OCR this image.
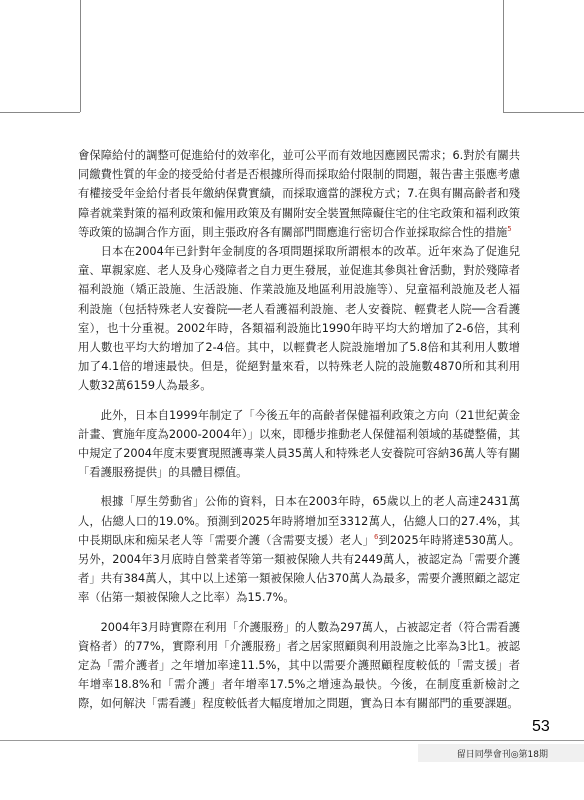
會保障給付的調整可促進給付的效率化，並可公平而有效地因應國民需求；6.對於有關共同繳費性質的年金的接受給付者是否根據所得而採取給付限制的問題，報告書主張應考慮有權接受年金給付者長年繳納保費實績，而採取適當的課稅方式；7.在與有關高齡者和殘障者就業對策的福利政策和僱用政策及有關附安全裝置無障礙住宅的住宅政策和福利政策等政策的協調合作方面，則主張政府各有關部門間應進行密切合作並採取綜合性的措施$^5$

日本在2004年已針對年金制度的各項問題採取所謂根本的改革。近年來為了促進兒童、單親家庭、老人及身心殘障者之自力更生發展，並促進其參與社會活動，對於殘障者福利設施（矯正設施、生活設施、作業設施及地區利用設施等）、兒童福利設施及老人福利設施（包括特殊老人安養院──老人看護福利設施、老人安養院、輕費老人院──含看護室），也十分重視。2002年時，各類福利設施比1990年時平均大約增加了2-6倍，其利用人數也平均大約增加了2-4倍。其中，以輕費老人院設施增加了5.8倍和其利用人數增加了4.1倍的增速最快。但是，從絕對量來看，以特殊老人院的設施數4870所和其利用人數32萬6159人為最多。

此外，日本自1999年制定了「今後五年的高齡者保健福利政策之方向（21世紀黃金計畫、實施年度為2000-2004年）」以來，即穩步推動老人保健福利領域的基礎整備，其中規定了2004年度末要實現照護專業人員35萬人和特殊老人安養院可容納36萬人等有關「看護服務提供」的具體目標值。

根據「厚生勞動省」公佈的資料，日本在2003年時，65歲以上的老人高達2431萬人，佔總人口的19.0%。預測到2025年時將增加至3312萬人，佔總人口的27.4%，其中長期臥床和痴呆老人等「需要介護（含需要支援）老人」$^6$到2025年時將達530萬人。另外，2004年3月底時自營業者等第一類被保險人共有2449萬人，被認定為「需要介護者」共有384萬人，其中以上述第一類被保險人佔370萬人為最多，需要介護照顧之認定率（佔第一類被保險人之比率）為15.7%。

2004年3月時實際在利用「介護服務」的人數為297萬人，占被認定者（符合需看護資格者）的77%，實際利用「介護服務」者之居家照顧與利用設施之比率為3比1。被認定為「需介護者」之年增加率達11.5%，其中以需要介護照顧程度較低的「需支援」者年增率18.8%和「需介護」者年增率17.5%之增速為最快。今後，在制度重新檢討之際，如何解決「需看護」程度較低者大幅度增加之問題，實為日本有關部門的重要課題。

53
留日同學會刊◎第18期
